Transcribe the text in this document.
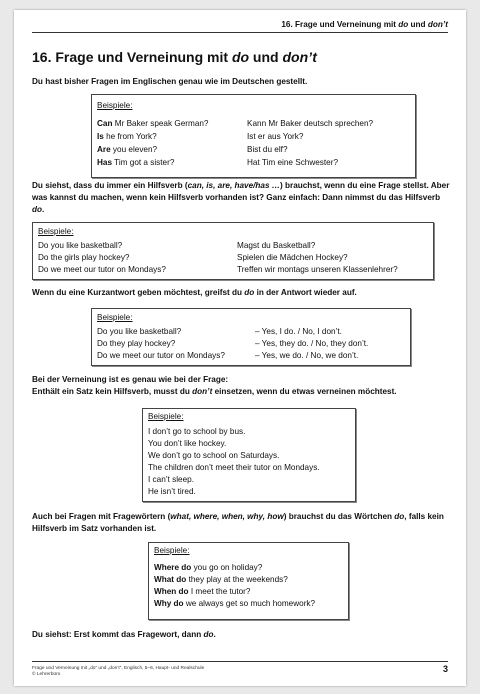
16. Frage und Verneinung mit do und don’t
16. Frage und Verneinung mit do und don’t
Du hast bisher Fragen im Englischen genau wie im Deutschen gestellt.
Beispiele:
Can Mr Baker speak German?	Kann Mr Baker deutsch sprechen?
Is he from York?	Ist er aus York?
Are you eleven?	Bist du elf?
Has Tim got a sister?	Hat Tim eine Schwester?
Du siehst, dass du immer ein Hilfsverb (can, is, are, have/has …) brauchst, wenn du eine Frage stellst. Aber was kannst du machen, wenn kein Hilfsverb vorhanden ist? Ganz einfach: Dann nimmst du das Hilfsverb do.
Beispiele:
Do you like basketball?	Magst du Basketball?
Do the girls play hockey?	Spielen die Mädchen Hockey?
Do we meet our tutor on Mondays?	Treffen wir montags unseren Klassenlehrer?
Wenn du eine Kurzantwort geben möchtest, greifst du do in der Antwort wieder auf.
Beispiele:
Do you like basketball?	– Yes, I do. / No, I don’t.
Do they play hockey?	– Yes, they do. / No, they don’t.
Do we meet our tutor on Mondays?	– Yes, we do. / No, we don’t.
Bei der Verneinung ist es genau wie bei der Frage:
Enthält ein Satz kein Hilfsverb, musst du don’t einsetzen, wenn du etwas verneinen möchtest.
Beispiele:
I don’t go to school by bus.
You don’t like hockey.
We don’t go to school on Saturdays.
The children don’t meet their tutor on Mondays.
I can’t sleep.
He isn’t tired.
Auch bei Fragen mit Fragewörtern (what, where, when, why, how) brauchst du das Wörtchen do, falls kein Hilfsverb im Satz vorhanden ist.
Beispiele:
Where do you go on holiday?
What do they play at the weekends?
When do I meet the tutor?
Why do we always get so much homework?
Du siehst: Erst kommt das Fragewort, dann do.
Frage und Verneinung mit „do“ und „don’t“, Englisch, 5–6, Haupt- und Realschule
© Lehrerbüro
3
